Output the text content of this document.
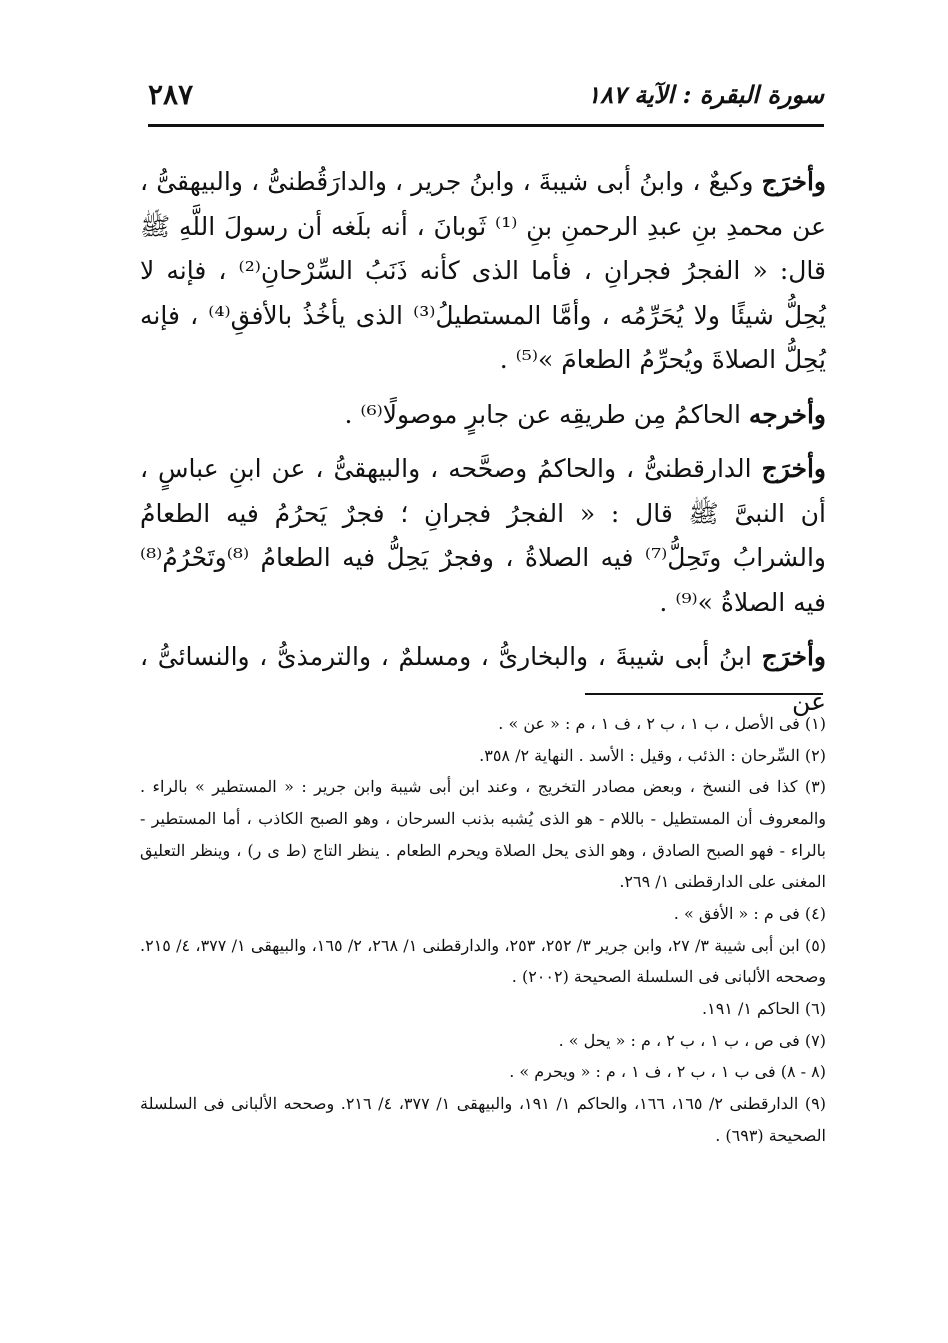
سورة البقرة : الآية ١٨٧
٢٨٧

وأخرَج وكيعٌ ، وابنُ أبى شيبةَ ، وابنُ جرير ، والدارَقُطنىُّ ، والبيهقىُّ ، عن محمدِ بنِ عبدِ الرحمنِ بنِ ⁽¹⁾ ثَوبانَ ، أنه بلَغه أن رسولَ اللَّهِ ﷺ قال: « الفجرُ فجرانِ ، فأما الذى كأنه ذَنَبُ السِّرْحانِ⁽²⁾ ، فإنه لا يُحِلُّ شيئًا ولا يُحَرِّمُه ، وأمَّا المستطيلُ⁽³⁾ الذى يأخُذُ بالأفقِ⁽⁴⁾ ، فإنه يُحِلُّ الصلاةَ ويُحرِّمُ الطعامَ »⁽⁵⁾ .

وأخرجه الحاكمُ مِن طريقِه عن جابرٍ موصولًا⁽⁶⁾ .

وأخرَج الدارقطنىُّ ، والحاكمُ وصحَّحه ، والبيهقىُّ ، عن ابنِ عباسٍ ، أن النبىَّ ﷺ قال : « الفجرُ فجرانِ ؛ فجرٌ يَحرُمُ فيه الطعامُ والشرابُ وتَحِلُّ⁽⁷⁾ فيه الصلاةُ ، وفجرٌ يَحِلُّ فيه الطعامُ ⁽⁸⁾وتَحْرُمُ⁽⁸⁾ فيه الصلاةُ »⁽⁹⁾ .

وأخرَج ابنُ أبى شيبةَ ، والبخارىُّ ، ومسلمٌ ، والترمذىُّ ، والنسائىُّ ، عن

(١) فى الأصل ، ب ١ ، ب ٢ ، ف ١ ، م : « عن » .

(٢) السِّرحان : الذئب ، وقيل : الأسد . النهاية ٢/ ٣٥٨.

(٣) كذا فى النسخ ، وبعض مصادر التخريج ، وعند ابن أبى شيبة وابن جرير : « المستطير » بالراء . والمعروف أن المستطيل - باللام - هو الذى يُشبه بذنب السرحان ، وهو الصبح الكاذب ، أما المستطير - بالراء - فهو الصبح الصادق ، وهو الذى يحل الصلاة ويحرم الطعام . ينظر التاج (ط ى ر) ، وينظر التعليق المغنى على الدارقطنى ١/ ٢٦٩.

(٤) فى م : « الأفق » .

(٥) ابن أبى شيبة ٣/ ٢٧، وابن جرير ٣/ ٢٥٢، ٢٥٣، والدارقطنى ١/ ٢٦٨، ٢/ ١٦٥، والبيهقى ١/ ٣٧٧، ٤/ ٢١٥. وصححه الألبانى فى السلسلة الصحيحة (٢٠٠٢) .

(٦) الحاكم ١/ ١٩١.

(٧) فى ص ، ب ١ ، ب ٢ ، م : « يحل » .

(٨ - ٨) فى ب ١ ، ب ٢ ، ف ١ ، م : « ويحرم » .

(٩) الدارقطنى ٢/ ١٦٥، ١٦٦، والحاكم ١/ ١٩١، والبيهقى ١/ ٣٧٧، ٤/ ٢١٦. وصححه الألبانى فى السلسلة الصحيحة (٦٩٣) .
